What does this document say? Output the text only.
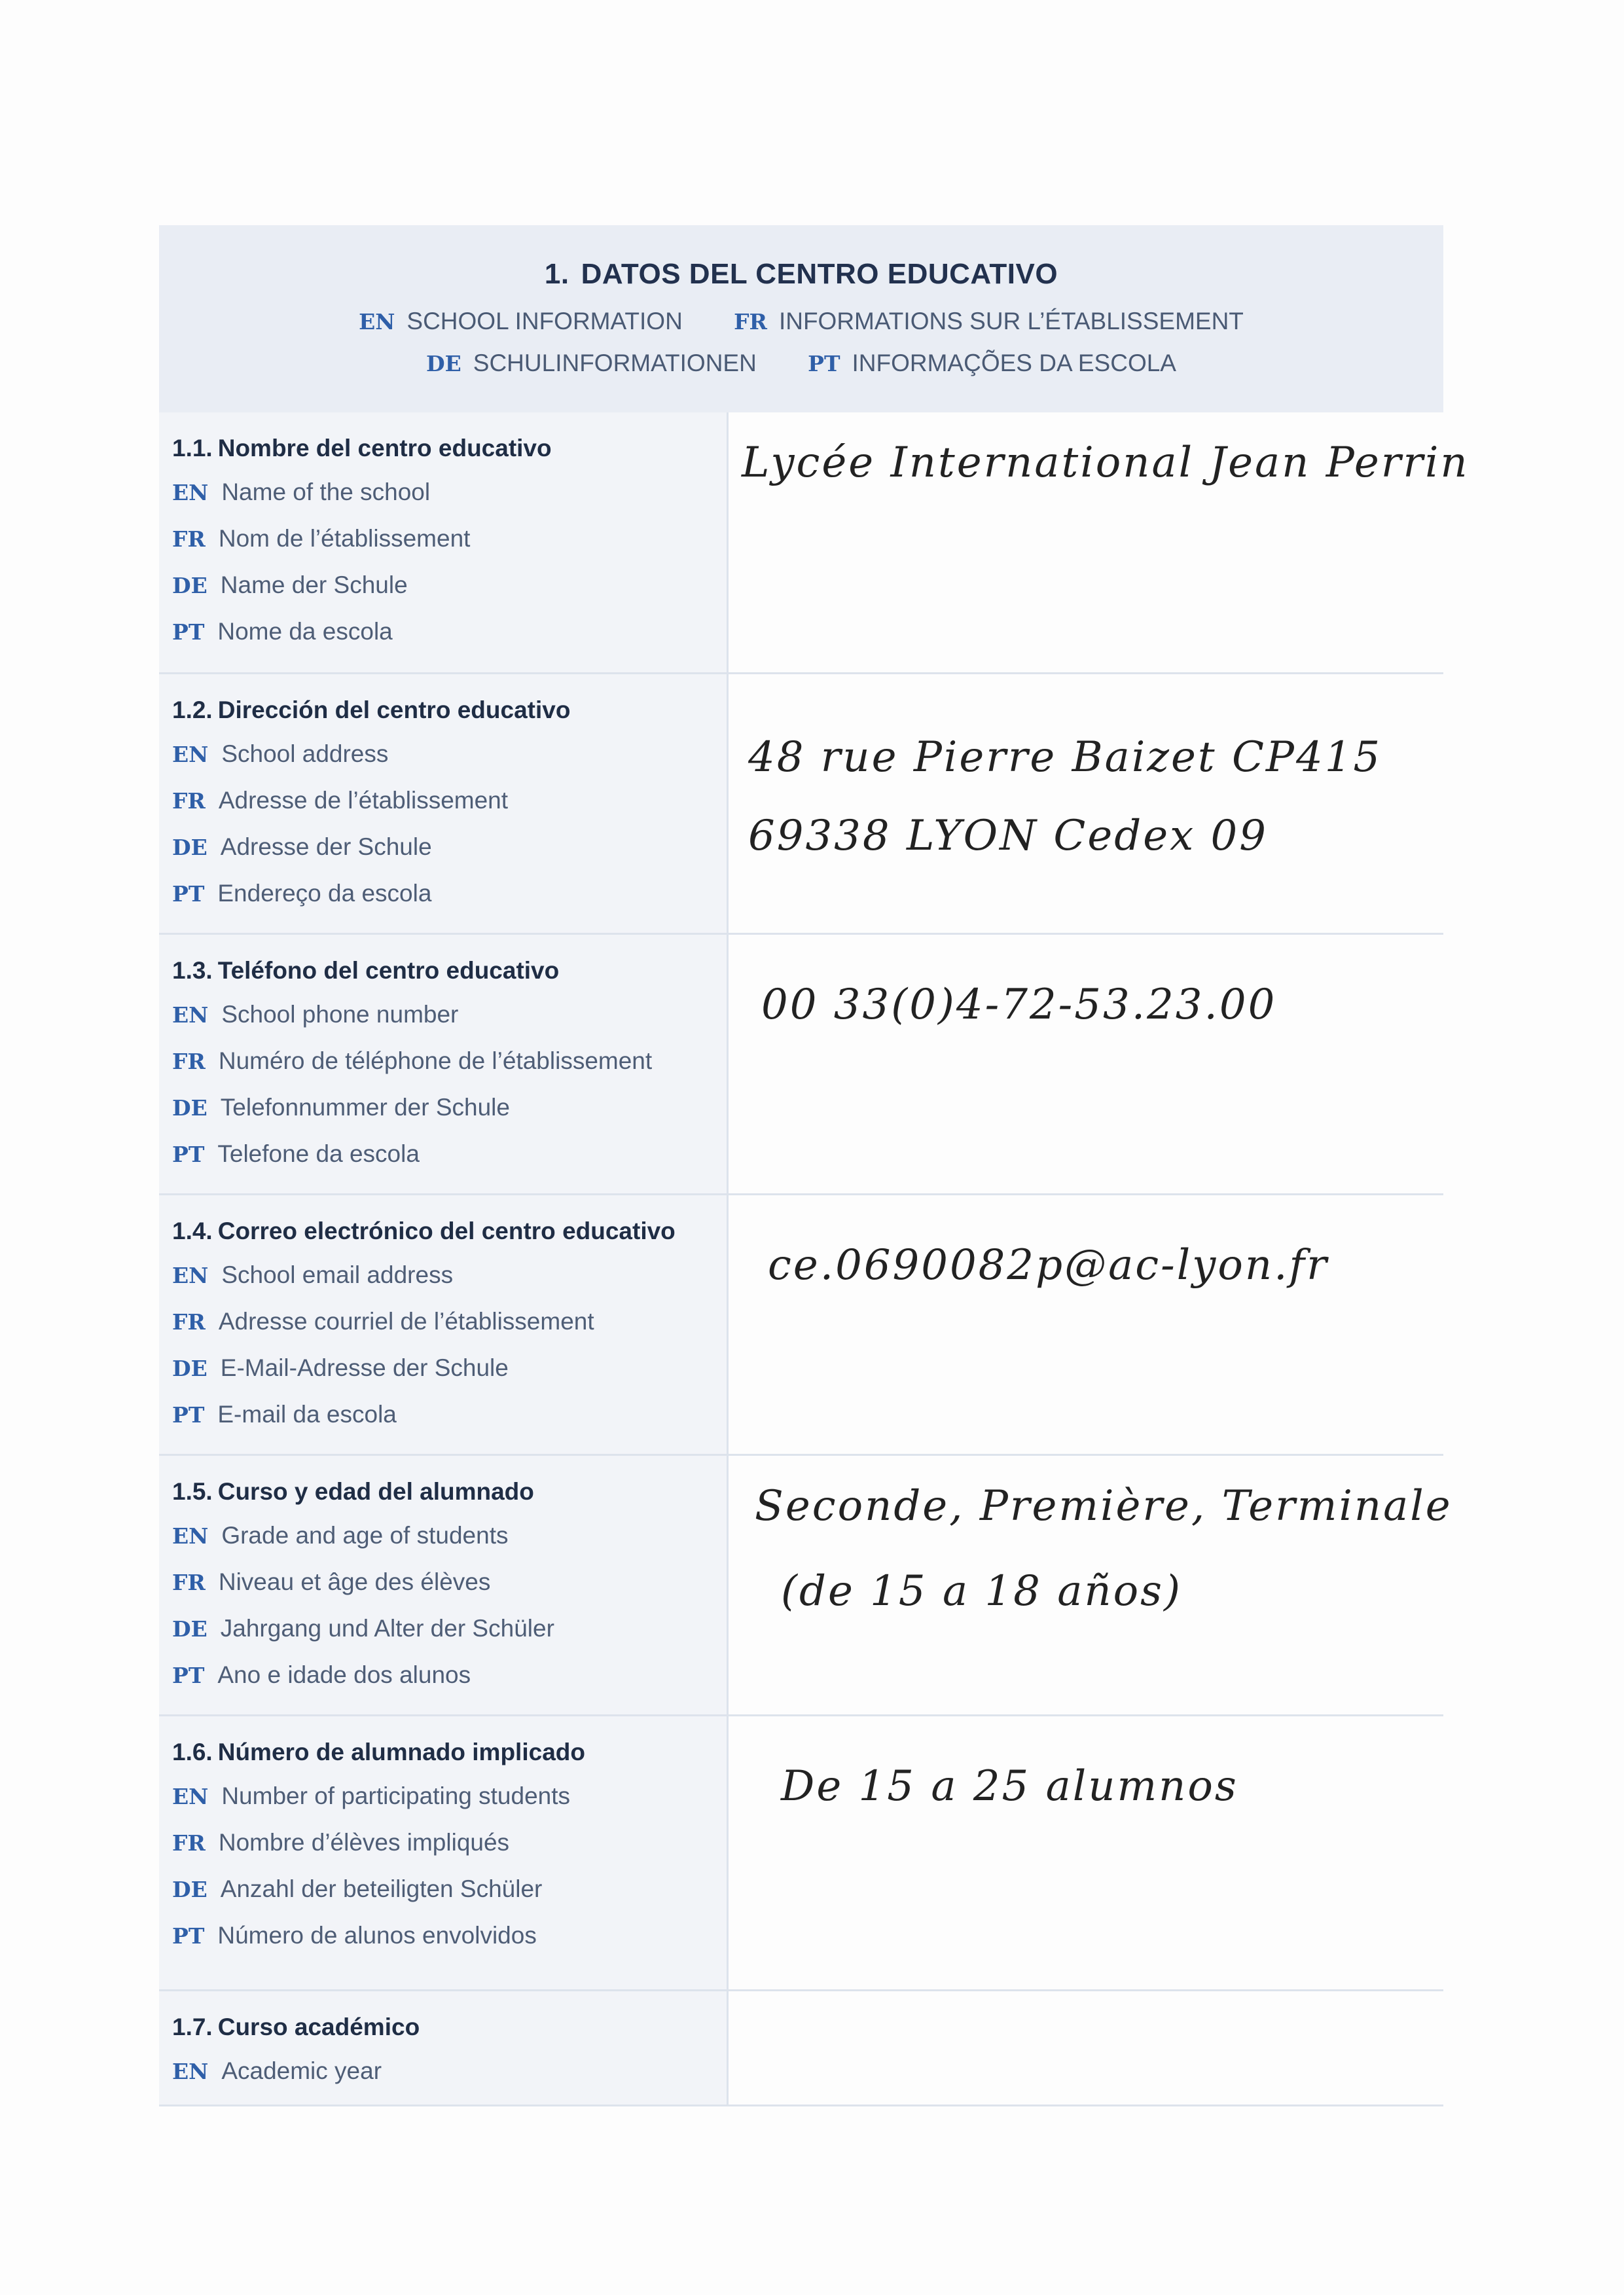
1. DATOS DEL CENTRO EDUCATIVO
EN SCHOOL INFORMATION FR INFORMATIONS SUR L’ÉTABLISSEMENT
DE SCHULINFORMATIONEN PT INFORMAÇÕES DA ESCOLA
1.1. Nombre del centro educativo
EN Name of the school
FR Nom de l’établissement
DE Name der Schule
PT Nome da escola
Lycée International Jean Perrin
1.2. Dirección del centro educativo
EN School address
FR Adresse de l’établissement
DE Adresse der Schule
PT Endereço da escola
48 rue Pierre Baizet CP415
69338 LYON Cedex 09
1.3. Teléfono del centro educativo
EN School phone number
FR Numéro de téléphone de l’établissement
DE Telefonnummer der Schule
PT Telefone da escola
00 33(0)4-72-53.23.00
1.4. Correo electrónico del centro educativo
EN School email address
FR Adresse courriel de l’établissement
DE E-Mail-Adresse der Schule
PT E-mail da escola
ce.0690082p@ac-lyon.fr
1.5. Curso y edad del alumnado
EN Grade and age of students
FR Niveau et âge des élèves
DE Jahrgang und Alter der Schüler
PT Ano e idade dos alunos
Seconde, Première, Terminale
(de 15 a 18 años)
1.6. Número de alumnado implicado
EN Number of participating students
FR Nombre d’élèves impliqués
DE Anzahl der beteiligten Schüler
PT Número de alunos envolvidos
De 15 a 25 alumnos
1.7. Curso académico
EN Academic year
